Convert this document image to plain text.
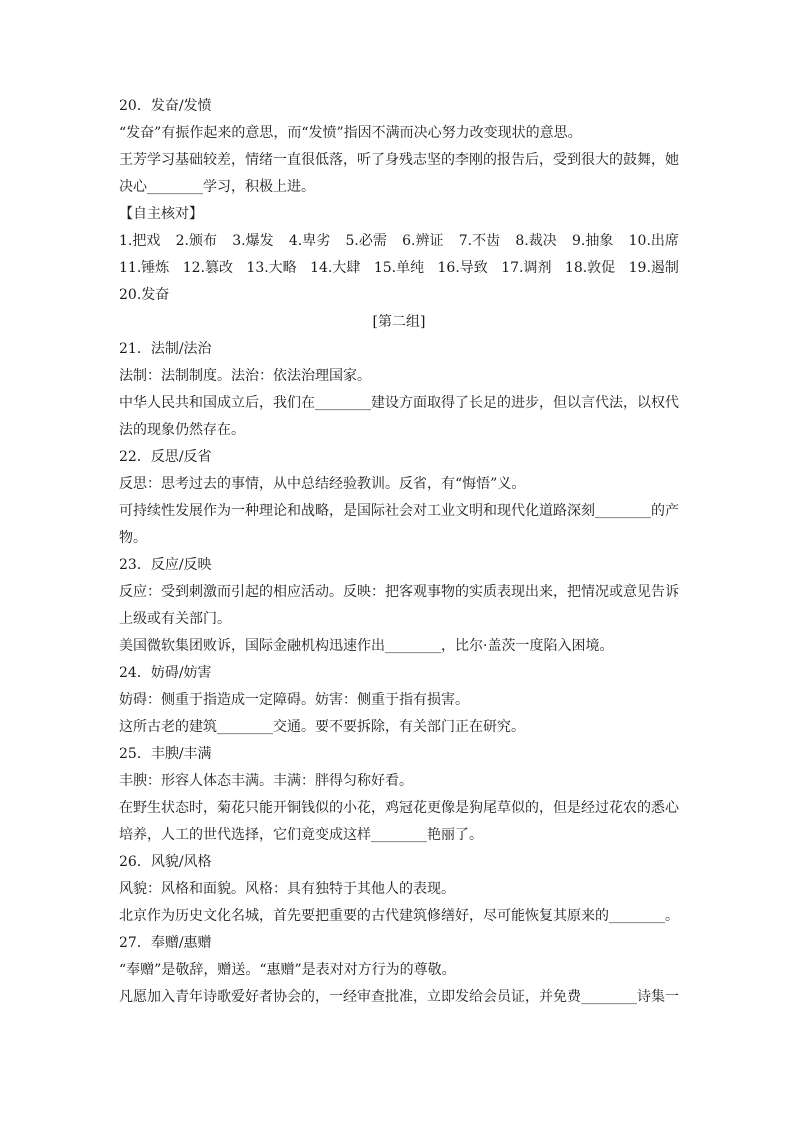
20．发奋/发愤
“发奋”有振作起来的意思，而“发愤”指因不满而决心努力改变现状的意思。
王芳学习基础较差，情绪一直很低落，听了身残志坚的李刚的报告后，受到很大的鼓舞，她
决心________学习，积极上进。
【自主核对】
1.把戏 2.颁布 3.爆发 4.卑劣 5.必需 6.辨证 7.不齿 8.裁决 9.抽象 10.出席
11.锤炼 12.篡改 13.大略 14.大肆 15.单纯 16.导致 17.调剂 18.敦促 19.遏制
20.发奋
[第二组]
21．法制/法治
法制：法制制度。法治：依法治理国家。
中华人民共和国成立后，我们在________建设方面取得了长足的进步，但以言代法，以权代
法的现象仍然存在。
22．反思/反省
反思：思考过去的事情，从中总结经验教训。反省，有“悔悟”义。
可持续性发展作为一种理论和战略，是国际社会对工业文明和现代化道路深刻________的产
物。
23．反应/反映
反应：受到刺激而引起的相应活动。反映：把客观事物的实质表现出来，把情况或意见告诉
上级或有关部门。
美国微软集团败诉，国际金融机构迅速作出________，比尔·盖茨一度陷入困境。
24．妨碍/妨害
妨碍：侧重于指造成一定障碍。妨害：侧重于指有损害。
这所古老的建筑________交通。要不要拆除，有关部门正在研究。
25．丰腴/丰满
丰腴：形容人体态丰满。丰满：胖得匀称好看。
在野生状态时，菊花只能开铜钱似的小花，鸡冠花更像是狗尾草似的，但是经过花农的悉心
培养，人工的世代选择，它们竟变成这样________艳丽了。
26．风貌/风格
风貌：风格和面貌。风格：具有独特于其他人的表现。
北京作为历史文化名城，首先要把重要的古代建筑修缮好，尽可能恢复其原来的________。
27．奉赠/惠赠
“奉赠”是敬辞，赠送。“惠赠”是表对对方行为的尊敬。
凡愿加入青年诗歌爱好者协会的，一经审查批准，立即发给会员证，并免费________诗集一
